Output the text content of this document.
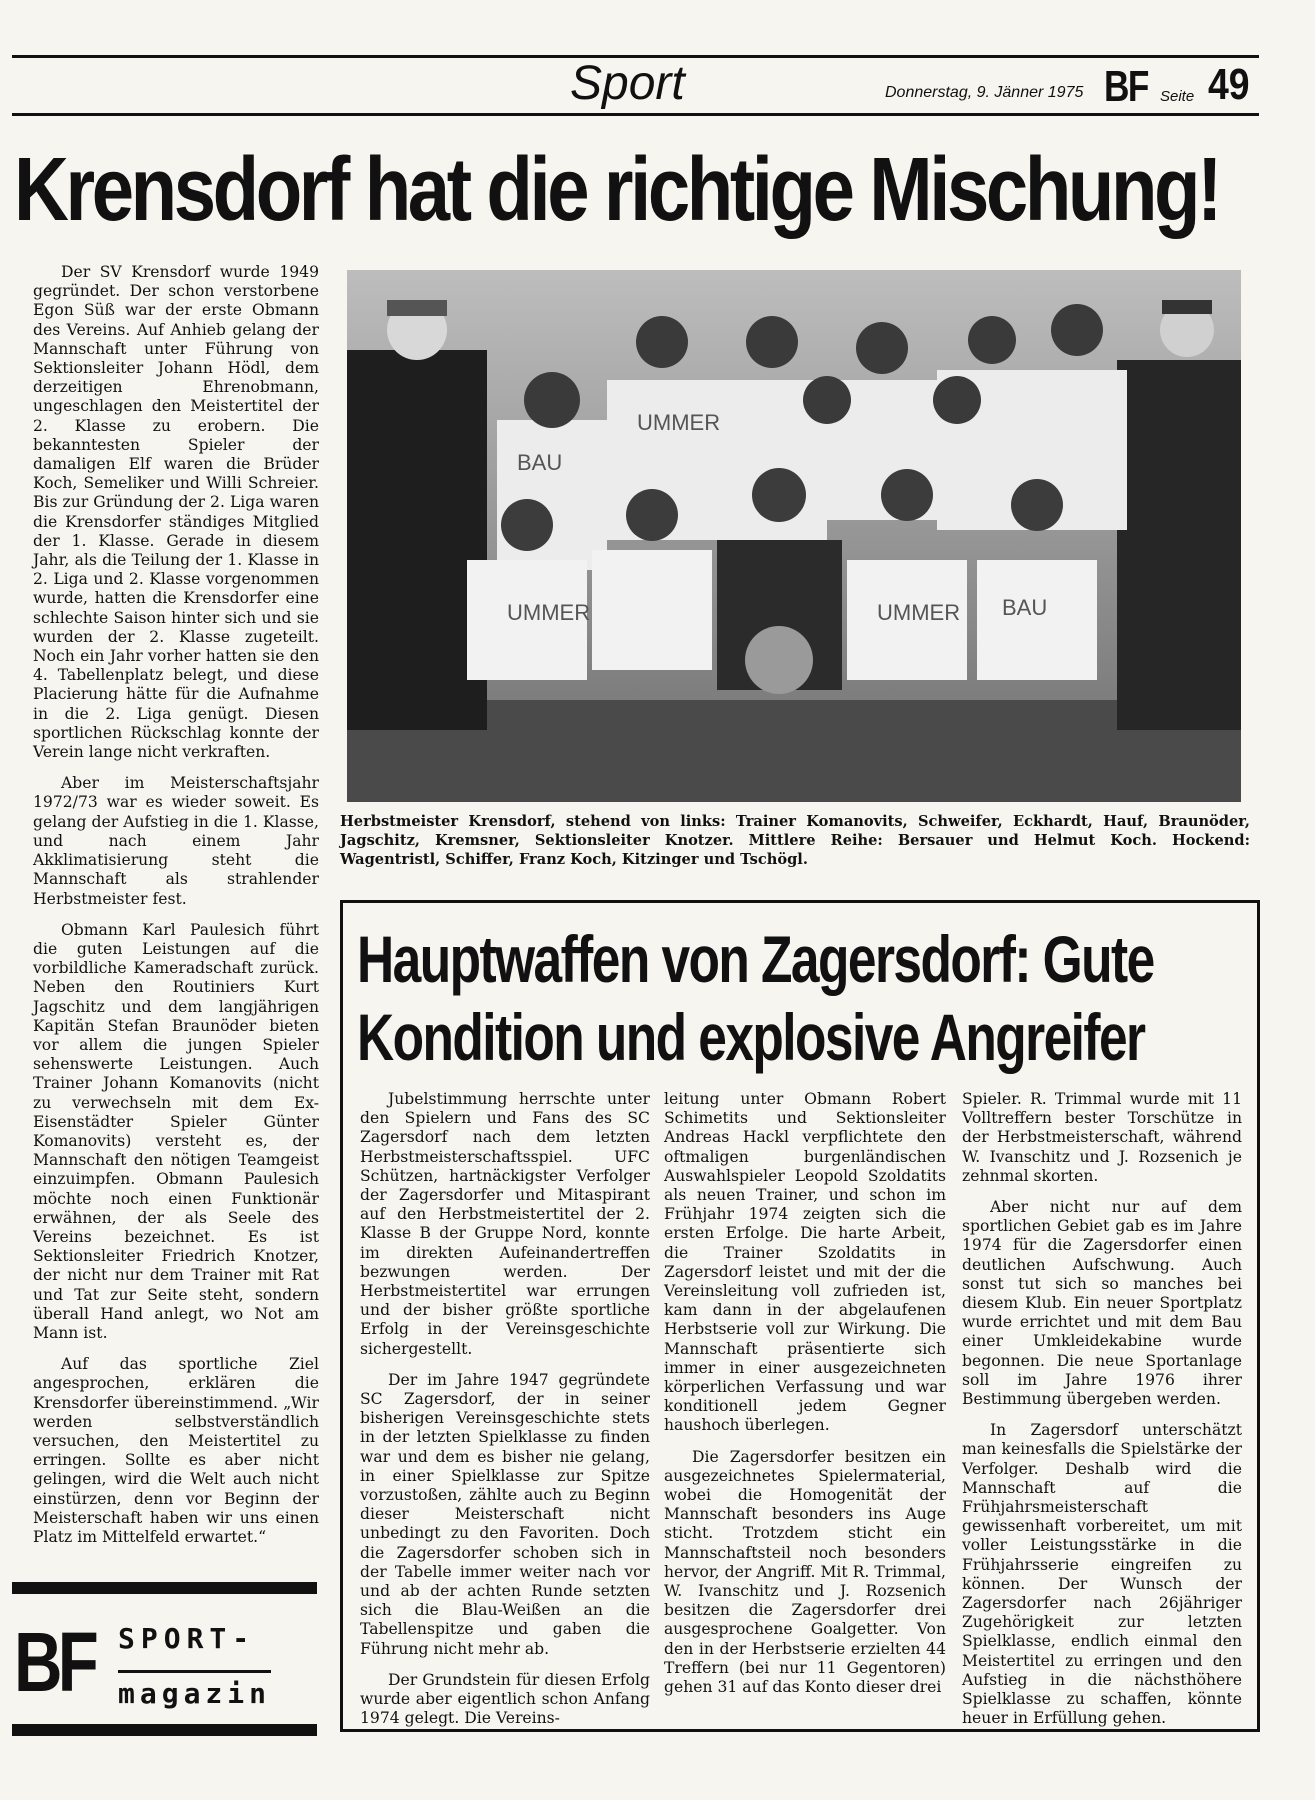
Sport	Donnerstag, 9. Jänner 1975 BF Seite 49
Krensdorf hat die richtige Mischung!

Der SV Krensdorf wurde 1949 gegründet. Der schon verstorbene Egon Süß war der erste Obmann des Vereins. Auf Anhieb gelang der Mannschaft unter Führung von Sektionsleiter Johann Hödl, dem derzeitigen Ehrenobmann, ungeschlagen den Meistertitel der 2. Klasse zu erobern. Die bekanntesten Spieler der damaligen Elf waren die Brüder Koch, Semeliker und Willi Schreier. Bis zur Gründung der 2. Liga waren die Krensdorfer ständiges Mitglied der 1. Klasse. Gerade in diesem Jahr, als die Teilung der 1. Klasse in 2. Liga und 2. Klasse vorgenommen wurde, hatten die Krensdorfer eine schlechte Saison hinter sich und sie wurden der 2. Klasse zugeteilt. Noch ein Jahr vorher hatten sie den 4. Tabellenplatz belegt, und diese Placierung hätte für die Aufnahme in die 2. Liga genügt. Diesen sportlichen Rückschlag konnte der Verein lange nicht verkraften.

Aber im Meisterschaftsjahr 1972/73 war es wieder soweit. Es gelang der Aufstieg in die 1. Klasse, und nach einem Jahr Akklimatisierung steht die Mannschaft als strahlender Herbstmeister fest.

Obmann Karl Paulesich führt die guten Leistungen auf die vorbildliche Kameradschaft zurück. Neben den Routiniers Kurt Jagschitz und dem langjährigen Kapitän Stefan Braunöder bieten vor allem die jungen Spieler sehenswerte Leistungen. Auch Trainer Johann Komanovits (nicht zu verwechseln mit dem Ex-Eisenstädter Spieler Günter Komanovits) versteht es, der Mannschaft den nötigen Teamgeist einzuimpfen. Obmann Paulesich möchte noch einen Funktionär erwähnen, der als Seele des Vereins bezeichnet. Es ist Sektionsleiter Friedrich Knotzer, der nicht nur dem Trainer mit Rat und Tat zur Seite steht, sondern überall Hand anlegt, wo Not am Mann ist.

Auf das sportliche Ziel angesprochen, erklären die Krensdorfer übereinstimmend. „Wir werden selbstverständlich versuchen, den Meistertitel zu erringen. Sollte es aber nicht gelingen, wird die Welt auch nicht einstürzen, denn vor Beginn der Meisterschaft haben wir uns einen Platz im Mittelfeld erwartet.“

BAU
UMMER
UMMER	UMMER BAU
Herbstmeister Krensdorf, stehend von links: Trainer Komanovits, Schweifer, Eckhardt, Hauf, Braunöder, Jagschitz, Kremsner, Sektionsleiter Knotzer. Mittlere Reihe: Bersauer und Helmut Koch. Hockend: Wagentristl, Schiffer, Franz Koch, Kitzinger und Tschögl.
Hauptwaffen von Zagersdorf: Gute
Kondition und explosive Angreifer

Jubelstimmung herrschte unter den Spielern und Fans des SC Zagersdorf nach dem letzten Herbstmeisterschaftsspiel. UFC Schützen, hartnäckigster Verfolger der Zagersdorfer und Mitaspirant auf den Herbstmeistertitel der 2. Klasse B der Gruppe Nord, konnte im direkten Aufeinandertreffen bezwungen werden. Der Herbstmeistertitel war errungen und der bisher größte sportliche Erfolg in der Vereinsgeschichte sichergestellt.

Der im Jahre 1947 gegründete SC Zagersdorf, der in seiner bisherigen Vereinsgeschichte stets in der letzten Spielklasse zu finden war und dem es bisher nie gelang, in einer Spielklasse zur Spitze vorzustoßen, zählte auch zu Beginn dieser Meisterschaft nicht unbedingt zu den Favoriten. Doch die Zagersdorfer schoben sich in der Tabelle immer weiter nach vor und ab der achten Runde setzten sich die Blau-Weißen an die Tabellenspitze und gaben die Führung nicht mehr ab.

Der Grundstein für diesen Erfolg wurde aber eigentlich schon Anfang 1974 gelegt. Die Vereins-

leitung unter Obmann Robert Schimetits und Sektionsleiter Andreas Hackl verpflichtete den oftmaligen burgenländischen Auswahlspieler Leopold Szoldatits als neuen Trainer, und schon im Frühjahr 1974 zeigten sich die ersten Erfolge. Die harte Arbeit, die Trainer Szoldatits in Zagersdorf leistet und mit der die Vereinsleitung voll zufrieden ist, kam dann in der abgelaufenen Herbstserie voll zur Wirkung. Die Mannschaft präsentierte sich immer in einer ausgezeichneten körperlichen Verfassung und war konditionell jedem Gegner haushoch überlegen.

Die Zagersdorfer besitzen ein ausgezeichnetes Spielermaterial, wobei die Homogenität der Mannschaft besonders ins Auge sticht. Trotzdem sticht ein Mannschaftsteil noch besonders hervor, der Angriff. Mit R. Trimmal, W. Ivanschitz und J. Rozsenich besitzen die Zagersdorfer drei ausgesprochene Goalgetter. Von den in der Herbstserie erzielten 44 Treffern (bei nur 11 Gegentoren) gehen 31 auf das Konto dieser drei

Spieler. R. Trimmal wurde mit 11 Volltreffern bester Torschütze in der Herbstmeisterschaft, während W. Ivanschitz und J. Rozsenich je zehnmal skorten.

Aber nicht nur auf dem sportlichen Gebiet gab es im Jahre 1974 für die Zagersdorfer einen deutlichen Aufschwung. Auch sonst tut sich so manches bei diesem Klub. Ein neuer Sportplatz wurde errichtet und mit dem Bau einer Umkleidekabine wurde begonnen. Die neue Sportanlage soll im Jahre 1976 ihrer Bestimmung übergeben werden.

In Zagersdorf unterschätzt man keinesfalls die Spielstärke der Verfolger. Deshalb wird die Mannschaft auf die Frühjahrsmeisterschaft gewissenhaft vorbereitet, um mit voller Leistungsstärke in die Frühjahrsserie eingreifen zu können. Der Wunsch der Zagersdorfer nach 26jähriger Zugehörigkeit zur letzten Spielklasse, endlich einmal den Meistertitel zu erringen und den Aufstieg in die nächsthöhere Spielklasse zu schaffen, könnte heuer in Erfüllung gehen.

BF SPORT-
magazin
